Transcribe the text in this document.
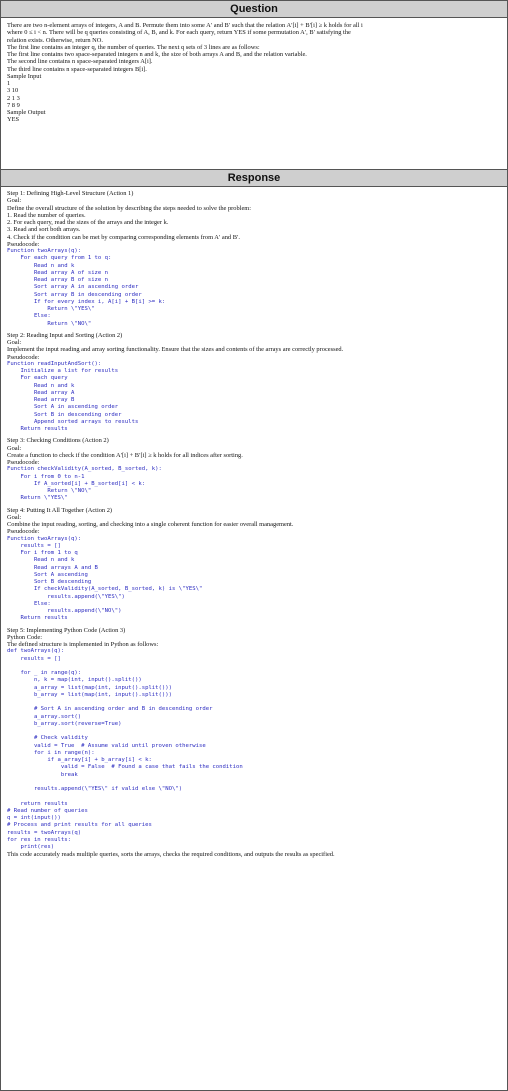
Question
There are two n-element arrays of integers, A and B. Permute them into some A′ and B′ such that the relation A′[i] + B′[i] ≥ k holds for all i
where 0 ≤ i < n. There will be q queries consisting of A, B, and k. For each query, return YES if some permutation A′, B′ satisfying the
relation exists. Otherwise, return NO.
The first line contains an integer q, the number of queries. The next q sets of 3 lines are as follows:
The first line contains two space-separated integers n and k, the size of both arrays A and B, and the relation variable.
The second line contains n space-separated integers A[i].
The third line contains n space-separated integers B[i].
Sample Input
1
3 10
2 1 3
7 8 9
Sample Output
YES
Response
Step 1: Defining High-Level Structure (Action 1)
Goal:
Define the overall structure of the solution by describing the steps needed to solve the problem:
1. Read the number of queries.
2. For each query, read the sizes of the arrays and the integer k.
3. Read and sort both arrays.
4. Check if the condition can be met by comparing corresponding elements from A′ and B′.
Pseudocode:
Function twoArrays(q):
For each query from 1 to q:
Read n and k
Read array A of size n
Read array B of size n
Sort array A in ascending order
Sort array B in descending order
If for every index i, A[i] + B[i] >= k:
Return \"YES\"
Else:
Return \"NO\"
Step 2: Reading Input and Sorting (Action 2)
Goal:
Implement the input reading and array sorting functionality. Ensure that the sizes and contents of the arrays are correctly processed.
Pseudocode:
Function readInputAndSort():
Initialize a list for results
For each query
Read n and k
Read array A
Read array B
Sort A in ascending order
Sort B in descending order
Append sorted arrays to results
Return results
Step 3: Checking Conditions (Action 2)
Goal:
Create a function to check if the condition A′[i] + B′[i] ≥ k holds for all indices after sorting.
Pseudocode:
Function checkValidity(A_sorted, B_sorted, k):
For i from 0 to n-1
If A_sorted[i] + B_sorted[i] < k:
Return \"NO\"
Return \"YES\"
Step 4: Putting It All Together (Action 2)
Goal:
Combine the input reading, sorting, and checking into a single coherent function for easier overall management.
Pseudocode:
Function twoArrays(q):
results = []
For i from 1 to q
Read n and k
Read arrays A and B
Sort A ascending
Sort B descending
If checkValidity(A_sorted, B_sorted, k) is \"YES\"
results.append(\"YES\")
Else:
results.append(\"NO\")
Return results
Step 5: Implementing Python Code (Action 3)
Python Code:
The defined structure is implemented in Python as follows:
def twoArrays(q):
results = []

for _ in range(q):
n, k = map(int, input().split())
a_array = list(map(int, input().split()))
b_array = list(map(int, input().split()))

# Sort A in ascending order and B in descending order
a_array.sort()
b_array.sort(reverse=True)

# Check validity
valid = True  # Assume valid until proven otherwise
for i in range(n):
if a_array[i] + b_array[i] < k:
valid = False  # Found a case that fails the condition
break

results.append(\"YES\" if valid else \"NO\")

return results
# Read number of queries
q = int(input())
# Process and print results for all queries
results = twoArrays(q)
for res in results:
print(res)
This code accurately reads multiple queries, sorts the arrays, checks the required conditions, and outputs the results as specified.
